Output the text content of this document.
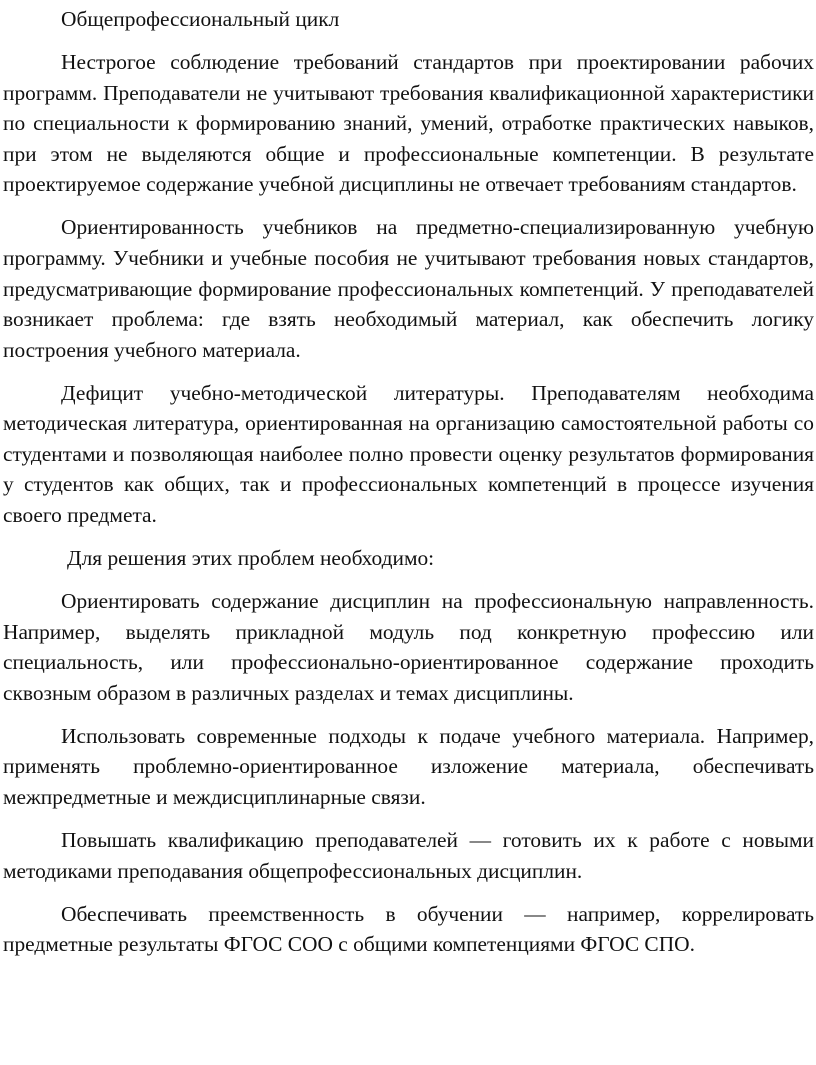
Общепрофессиональный цикл

Нестрогое соблюдение требований стандартов при проектировании рабочих программ. Преподаватели не учитывают требования квалификационной характеристики по специальности к формированию знаний, умений, отработке практических навыков, при этом не выделяются общие и профессиональные компетенции. В результате проектируемое содержание учебной дисциплины не отвечает требованиям стандартов.

Ориентированность учебников на предметно-специализированную учебную программу. Учебники и учебные пособия не учитывают требования новых стандартов, предусматривающие формирование профессиональных компетенций. У преподавателей возникает проблема: где взять необходимый материал, как обеспечить логику построения учебного материала.

Дефицит учебно-методической литературы. Преподавателям необходима методическая литература, ориентированная на организацию самостоятельной работы со студентами и позволяющая наиболее полно провести оценку результатов формирования у студентов как общих, так и профессиональных компетенций в процессе изучения своего предмета.

Для решения этих проблем необходимо:

Ориентировать содержание дисциплин на профессиональную направленность. Например, выделять прикладной модуль под конкретную профессию или специальность, или профессионально-ориентированное содержание проходить сквозным образом в различных разделах и темах дисциплины.

Использовать современные подходы к подаче учебного материала. Например, применять проблемно-ориентированное изложение материала, обеспечивать межпредметные и междисциплинарные связи.

Повышать квалификацию преподавателей — готовить их к работе с новыми методиками преподавания общепрофессиональных дисциплин.

Обеспечивать преемственность в обучении — например, коррелировать предметные результаты ФГОС СОО с общими компетенциями ФГОС СПО.
